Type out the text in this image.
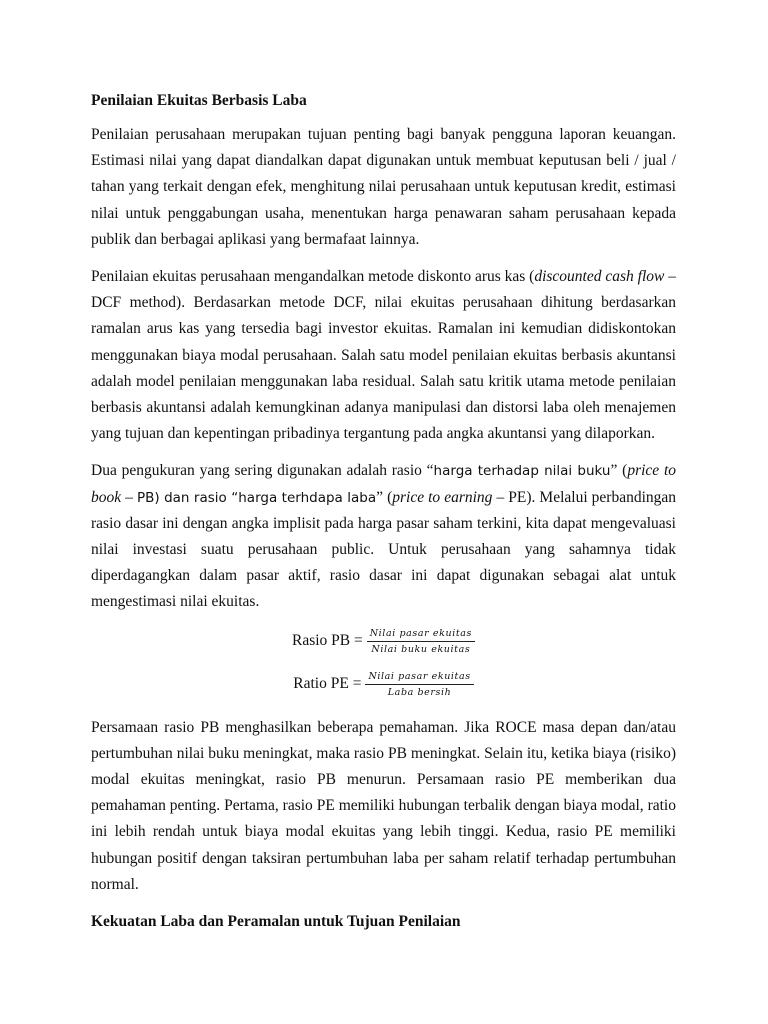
Penilaian Ekuitas Berbasis Laba

Penilaian perusahaan merupakan tujuan penting bagi banyak pengguna laporan keuangan. Estimasi nilai yang dapat diandalkan dapat digunakan untuk membuat keputusan beli / jual / tahan yang terkait dengan efek, menghitung nilai perusahaan untuk keputusan kredit, estimasi nilai untuk penggabungan usaha, menentukan harga penawaran saham perusahaan kepada publik dan berbagai aplikasi yang bermafaat lainnya.

Penilaian ekuitas perusahaan mengandalkan metode diskonto arus kas (discounted cash flow – DCF method). Berdasarkan metode DCF, nilai ekuitas perusahaan dihitung berdasarkan ramalan arus kas yang tersedia bagi investor ekuitas. Ramalan ini kemudian didiskontokan menggunakan biaya modal perusahaan. Salah satu model penilaian ekuitas berbasis akuntansi adalah model penilaian menggunakan laba residual. Salah satu kritik utama metode penilaian berbasis akuntansi adalah kemungkinan adanya manipulasi dan distorsi laba oleh menajemen yang tujuan dan kepentingan pribadinya tergantung pada angka akuntansi yang dilaporkan.

Dua pengukuran yang sering digunakan adalah rasio “harga terhadap nilai buku” (price to book – PB) dan rasio “harga terhdapa laba” (price to earning – PE). Melalui perbandingan rasio dasar ini dengan angka implisit pada harga pasar saham terkini, kita dapat mengevaluasi nilai investasi suatu perusahaan public. Untuk perusahaan yang sahamnya tidak diperdagangkan dalam pasar aktif, rasio dasar ini dapat digunakan sebagai alat untuk mengestimasi nilai ekuitas.

Rasio PB = $\frac{\text{Nilai pasar ekuitas}}{\text{Nilai buku ekuitas}}$
Ratio PE = $\frac{\text{Nilai pasar ekuitas}}{\text{Laba bersih}}$

Persamaan rasio PB menghasilkan beberapa pemahaman. Jika ROCE masa depan dan/atau pertumbuhan nilai buku meningkat, maka rasio PB meningkat. Selain itu, ketika biaya (risiko) modal ekuitas meningkat, rasio PB menurun. Persamaan rasio PE memberikan dua pemahaman penting. Pertama, rasio PE memiliki hubungan terbalik dengan biaya modal, ratio ini lebih rendah untuk biaya modal ekuitas yang lebih tinggi. Kedua, rasio PE memiliki hubungan positif dengan taksiran pertumbuhan laba per saham relatif terhadap pertumbuhan normal.

Kekuatan Laba dan Peramalan untuk Tujuan Penilaian
